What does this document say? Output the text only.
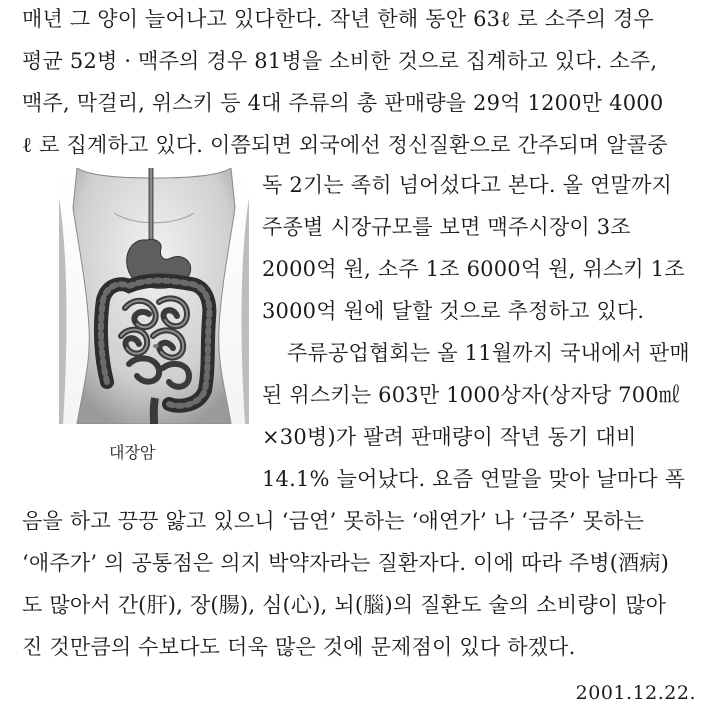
매년 그 양이 늘어나고 있다한다. 작년 한해 동안 63ℓ 로 소주의 경우
평균 52병 · 맥주의 경우 81병을 소비한 것으로 집계하고 있다. 소주,
맥주, 막걸리, 위스키 등 4대 주류의 총 판매량을 29억 1200만 4000
ℓ 로 집계하고 있다. 이쯤되면 외국에선 정신질환으로 간주되며 알콜중
대장암
독 2기는 족히 넘어섰다고 본다. 올 연말까지
주종별 시장규모를 보면 맥주시장이 3조
2000억 원, 소주 1조 6000억 원, 위스키 1조
3000억 원에 달할 것으로 추정하고 있다.
주류공업협회는 올 11월까지 국내에서 판매
된 위스키는 603만 1000상자(상자당 700㎖
×30병)가 팔려 판매량이 작년 동기 대비
14.1% 늘어났다. 요즘 연말을 맞아 날마다 폭
음을 하고 끙끙 앓고 있으니 ‘금연’ 못하는 ‘애연가’ 나 ‘금주’ 못하는
‘애주가’ 의 공통점은 의지 박약자라는 질환자다. 이에 따라 주병(酒病)
도 많아서 간(肝), 장(腸), 심(心), 뇌(腦)의 질환도 술의 소비량이 많아
2001.12.22.
진 것만큼의 수보다도 더욱 많은 것에 문제점이 있다 하겠다.
